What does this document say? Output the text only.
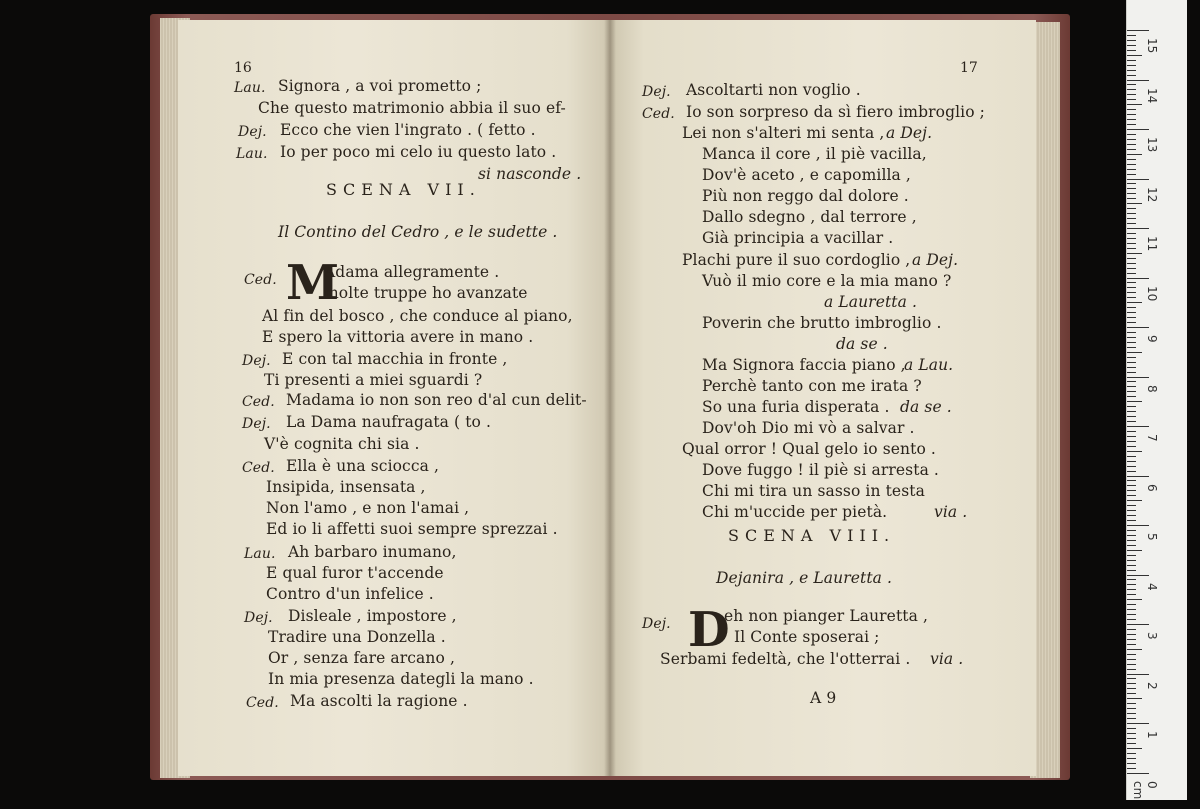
16
Lau. Signora , a voi prometto ;
Che questo matrimonio abbia il suo ef-
Dej. Ecco che vien l'ingrato . ( fetto .
Lau. Io per poco mi celo iu questo lato .
si nasconde .
SCENA VII.
Il Contino del Cedro , e le sudette .
Ced. M
Adama allegramente .
molte truppe ho avanzate
Al fin del bosco , che conduce al piano,
E spero la vittoria avere in mano .
Dej. E con tal macchia in fronte ,
Ti presenti a miei sguardi ?
Ced. Madama io non son reo d'al cun delit-
Dej. La Dama naufragata ( to .
V'è cognita chi sia .
Ced. Ella è una sciocca ,
Insipida, insensata ,
Non l'amo , e non l'amai ,
Ed io li affetti suoi sempre sprezzai .
Lau. Ah barbaro inumano,
E qual furor t'accende
Contro d'un infelice .
Dej. Disleale , impostore ,
Tradire una Donzella .
Or , senza fare arcano ,
In mia presenza dategli la mano .
Ced. Ma ascolti la ragione .
17
Dej. Ascoltarti non voglio .
Ced. Io son sorpreso da sì fiero imbroglio ;
Lei non s'alteri mi senta , a Dej.
Manca il core , il piè vacilla,
Dov'è aceto , e capomilla ,
Più non reggo dal dolore .
Dallo sdegno , dal terrore ,
Già principia a vacillar .
Plachi pure il suo cordoglio , a Dej.
Vuò il mio core e la mia mano ?
a Lauretta .
Poverin che brutto imbroglio .
da se .
Ma Signora faccia piano ,
a Lau.
Perchè tanto con me irata ?
So una furia disperata . da se .
Dov'oh Dio mi vò a salvar .
Qual orror ! Qual gelo io sento .
Dove fuggo ! il piè si arresta .
Chi mi tira un sasso in testa
Chi m'uccide per pietà.	via .
SCENA VIII.
Dejanira , e Lauretta .
Dej. D
eh non pianger Lauretta ,
Il Conte sposerai ;
Serbami fedeltà, che l'otterrai . via .
A 9
15
14
13
12
11
10
9
8
7
6
5
4
3
2
1
0 cm
